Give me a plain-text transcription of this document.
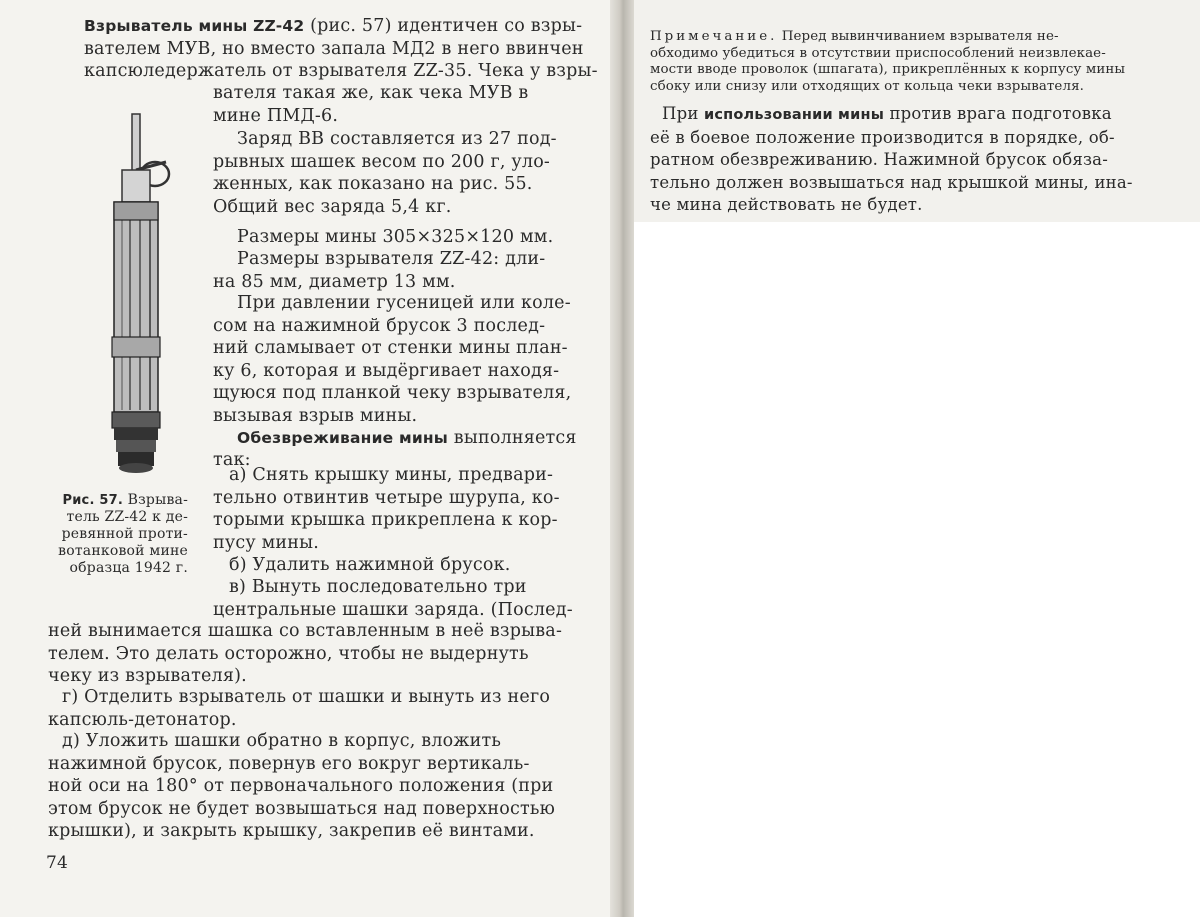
Взрыватель мины ZZ-42 (рис. 57) идентичен со взры-
вателем МУВ, но вместо запала МД2 в него ввинчен
капсюледержатель от взрывателя ZZ-35. Чека у взры-

вателя такая же, как чека МУВ в
мине ПМД-6.

Заряд ВВ составляется из 27 под-
рывных шашек весом по 200 г, уло-
женных, как показано на рис. 55.
Общий вес заряда 5,4 кг.

Размеры мины 305×325×120 мм.

Размеры взрывателя ZZ-42: дли-
на 85 мм, диаметр 13 мм.

При давлении гусеницей или коле-
сом на нажимной брусок 3 послед-
ний сламывает от стенки мины план-
ку 6, которая и выдёргивает находя-
щуюся под планкой чеку взрывателя,
вызывая взрыв мины.

Обезвреживание мины выполняется

так:

а) Снять крышку мины, предвари-
тельно отвинтив четыре шурупа, ко-
торыми крышка прикреплена к кор-
пусу мины.

б) Удалить нажимной брусок.

в) Вынуть последовательно три
центральные шашки заряда. (Послед-

ней вынимается шашка со вставленным в неё взрыва-
телем. Это делать осторожно, чтобы не выдернуть
чеку из взрывателя).

г) Отделить взрыватель от шашки и вынуть из него
капсюль-детонатор.

д) Уложить шашки обратно в корпус, вложить
нажимной брусок, повернув его вокруг вертикаль-
ной оси на 180° от первоначального положения (при
этом брусок не будет возвышаться над поверхностью
крышки), и закрыть крышку, закрепив её винтами.

Рис. 57. Взрыва-
тель ZZ-42 к де-
ревянной проти-
вотанковой мине
образца 1942 г.

74

Примечание. Перед вывинчиванием взрывателя не-
обходимо убедиться в отсутствии приспособлений неизвлекае-
мости вводе проволок (шпагата), прикреплённых к корпусу мины
сбоку или снизу или отходящих от кольца чеки взрывателя.
При использовании мины против врага подготовка
её в боевое положение производится в порядке, об-
ратном обезвреживанию. Нажимной брусок обяза-
тельно должен возвышаться над крышкой мины, ина-
че мина действовать не будет.
